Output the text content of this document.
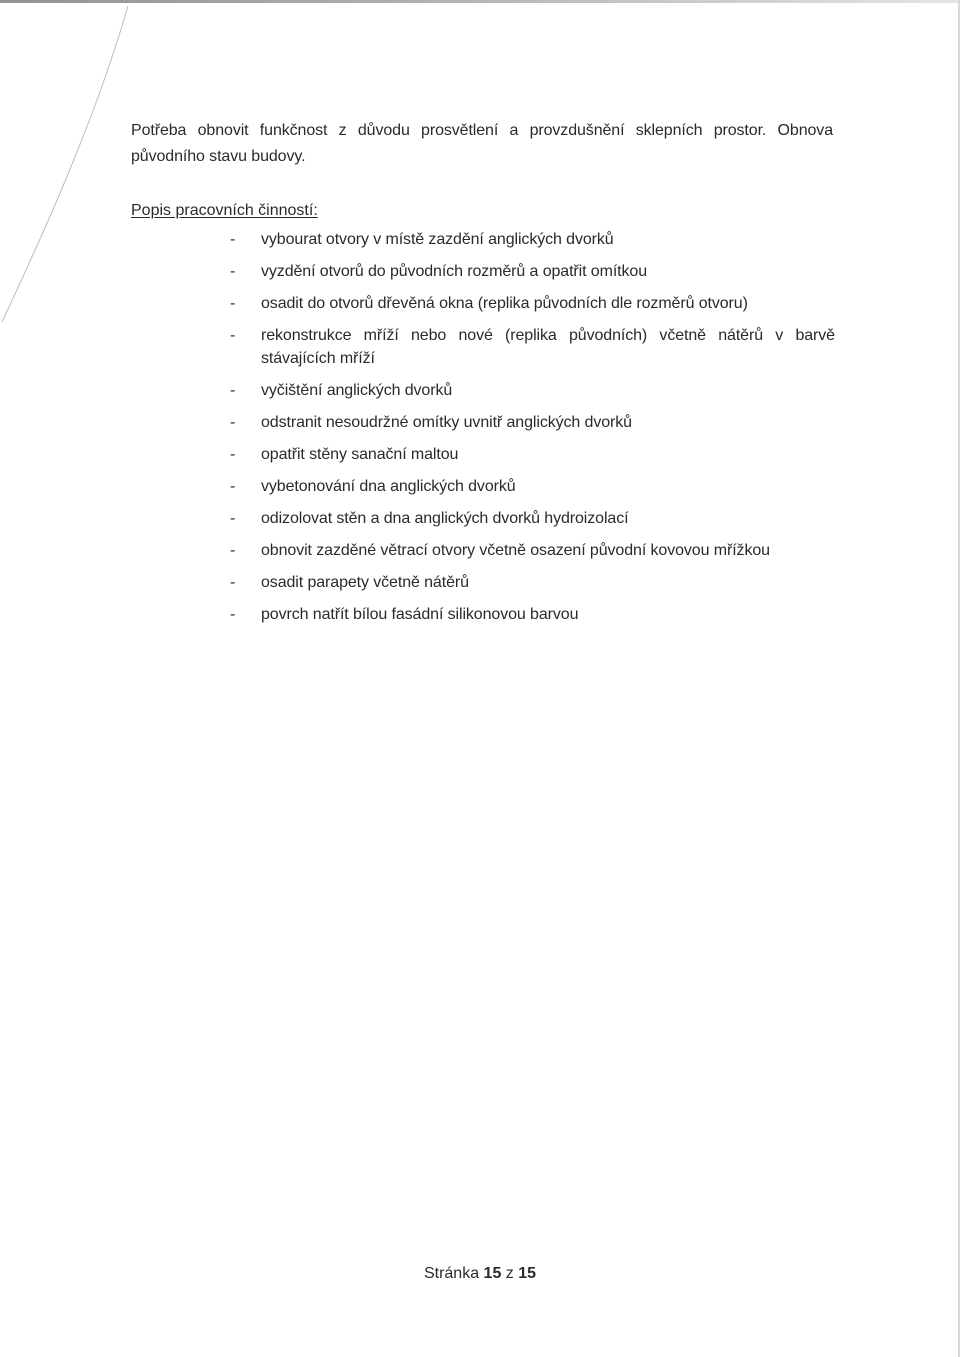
Potřeba obnovit funkčnost z důvodu prosvětlení a provzdušnění sklepních prostor. Obnova původního stavu budovy.

Popis pracovních činností:
- vybourat otvory v místě zazdění anglických dvorků
- vyzdění otvorů do původních rozměrů a opatřit omítkou
- osadit do otvorů dřevěná okna (replika původních dle rozměrů otvoru)
- rekonstrukce mříží nebo nové (replika původních) včetně nátěrů v barvě stávajících mříží
- vyčištění anglických dvorků
- odstranit nesoudržné omítky uvnitř anglických dvorků
- opatřit stěny sanační maltou
- vybetonování dna anglických dvorků
- odizolovat stěn a dna anglických dvorků hydroizolací
- obnovit zazděné větrací otvory včetně osazení původní kovovou mřížkou
- osadit parapety včetně nátěrů
- povrch natřít bílou fasádní silikonovou barvou
Stránka 15 z 15
